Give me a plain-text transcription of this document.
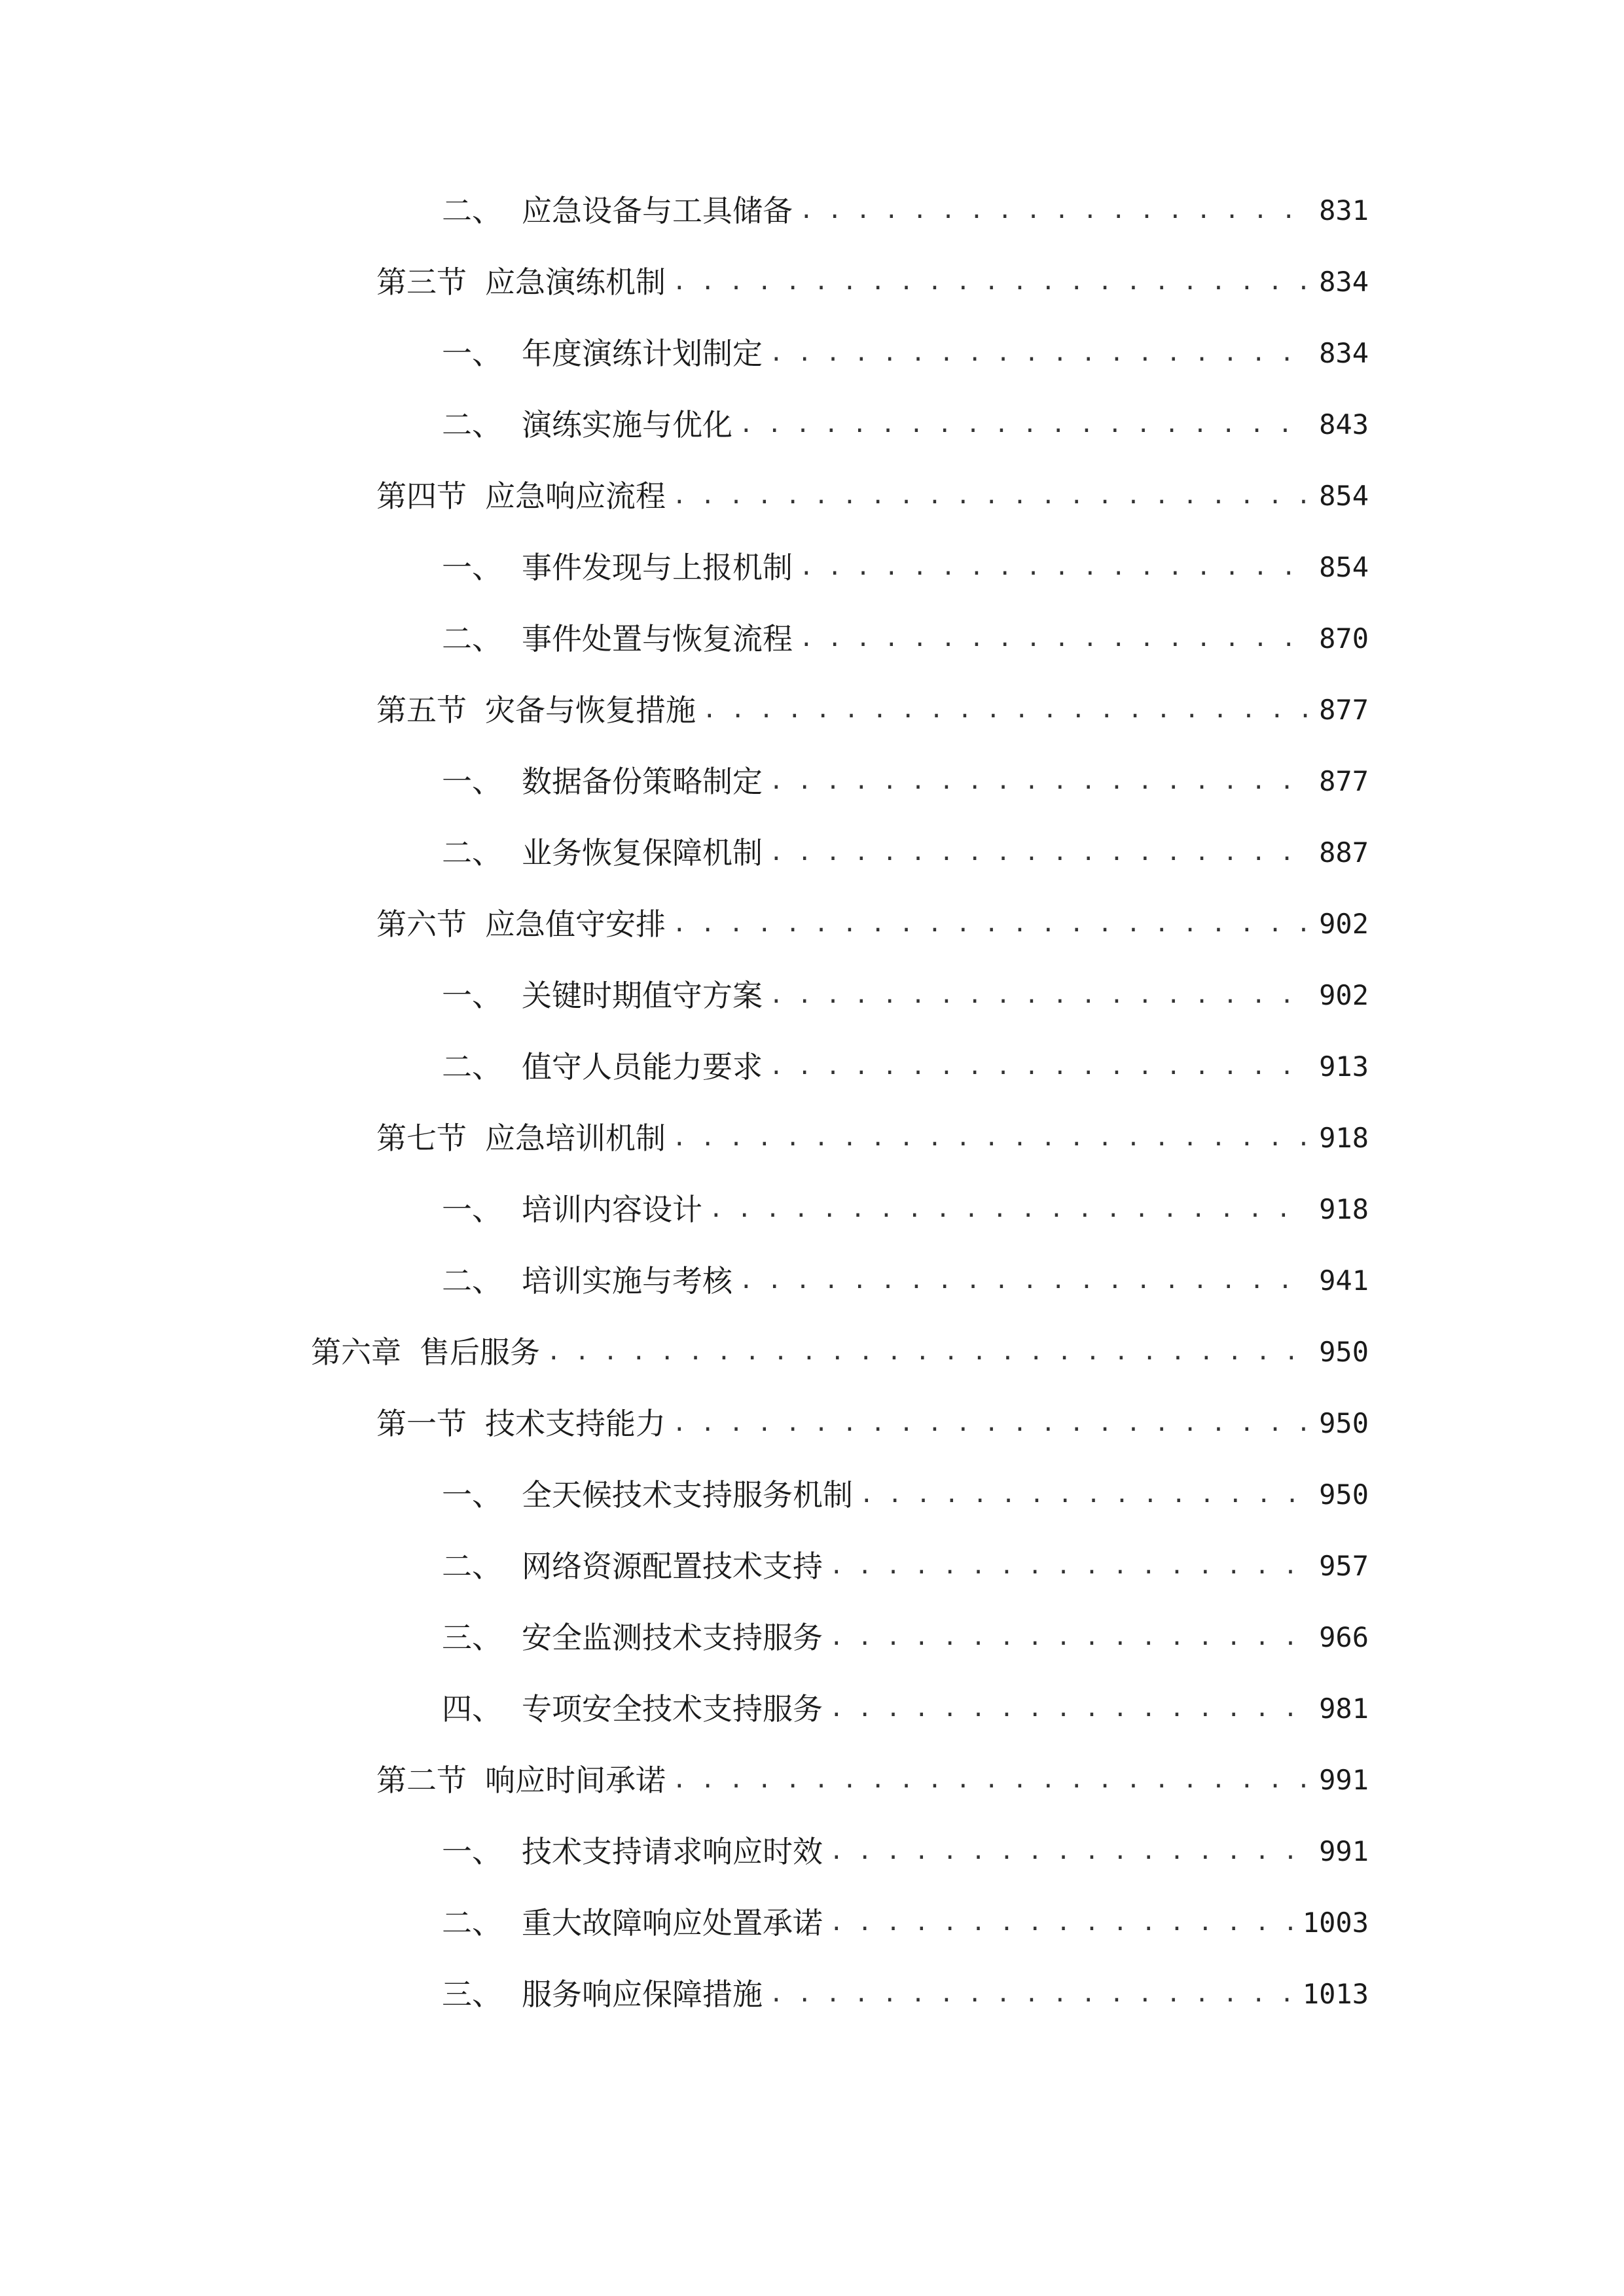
二、 应急设备与工具储备 . . .	831
第三节 应急演练机制 . . .	834
一、 年度演练计划制定 . . .	834
二、 演练实施与优化 . . .	843
第四节 应急响应流程 . . .	854
一、 事件发现与上报机制 . . .	854
二、 事件处置与恢复流程 . . .	870
第五节 灾备与恢复措施 . . .	877
一、 数据备份策略制定 . . .	877
二、 业务恢复保障机制 . . .	887
第六节 应急值守安排 . . .	902
一、 关键时期值守方案 . . .	902
二、 值守人员能力要求 . . .	913
第七节 应急培训机制 . . .	918
一、 培训内容设计 . . .	918
二、 培训实施与考核 . . .	941
第六章 售后服务 . . .	950
第一节 技术支持能力 . . .	950
一、 全天候技术支持服务机制 . . .	950
二、 网络资源配置技术支持 . . .	957
三、 安全监测技术支持服务 . . .	966
四、 专项安全技术支持服务 . . .	981
第二节 响应时间承诺 . . .	991
一、 技术支持请求响应时效 . . .	991
二、 重大故障响应处置承诺 . . .	1003
三、 服务响应保障措施 . . .	1013
